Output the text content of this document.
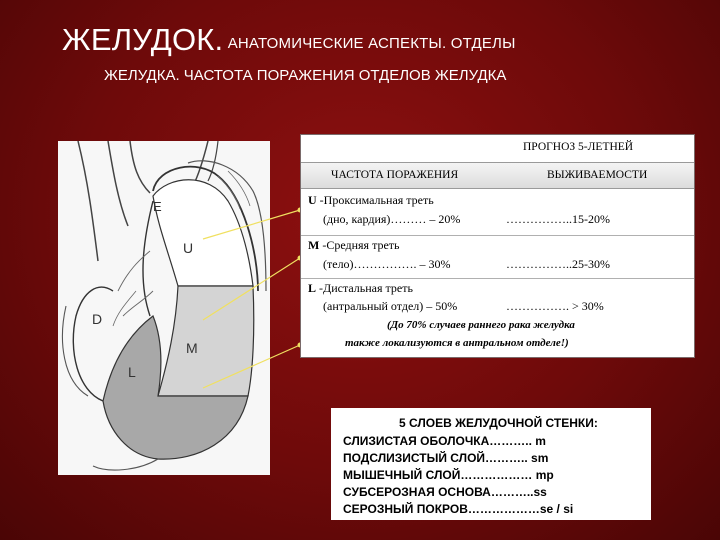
ЖЕЛУДОК. АНАТОМИЧЕСКИЕ АСПЕКТЫ. ОТДЕЛЫ
ЖЕЛУДКА. ЧАСТОТА ПОРАЖЕНИЯ ОТДЕЛОВ ЖЕЛУДКА
E
U
M
L
D
ПРОГНОЗ 5-ЛЕТНЕЙ
ЧАСТОТА ПОРАЖЕНИЯ	ВЫЖИВАЕМОСТИ
U -Проксимальная треть
(дно, кардия)……… – 20%	……………..15-20%
M -Средняя треть
(тело)……………. – 30%	……………..25-30%
L -Дистальная треть
(антральный отдел) – 50%	……………. > 30%
(До 70% случаев раннего рака желудка
также локализуются в антральном отделе!)
5 СЛОЕВ ЖЕЛУДОЧНОЙ СТЕНКИ:
СЛИЗИСТАЯ ОБОЛОЧКА……….. m
ПОДСЛИЗИСТЫЙ СЛОЙ……….. sm
МЫШЕЧНЫЙ СЛОЙ……………… mp
СУБСЕРОЗНАЯ ОСНОВА………..ss
СЕРОЗНЫЙ ПОКРОВ………………se / si
